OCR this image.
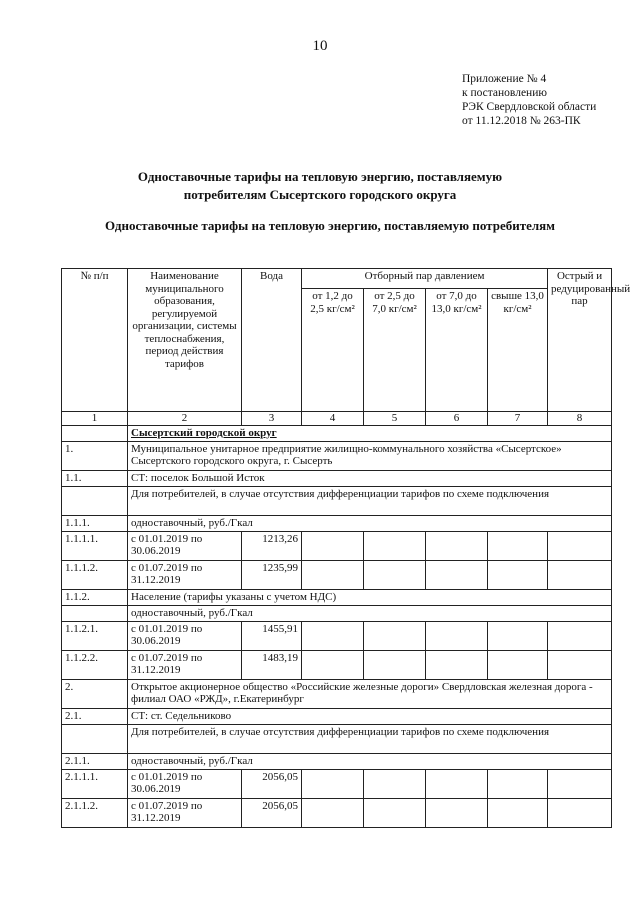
10
Приложение № 4
к постановлению
РЭК Свердловской области
от 11.12.2018 № 263-ПК
Одноставочные тарифы на тепловую энергию, поставляемую
потребителям Сысертского городского округа
Одноставочные тарифы на тепловую энергию, поставляемую потребителям
№ п/п	Наименование муниципального образования, регулируемой организации, системы теплоснабжения, период действия тарифов	Вода	Отборный пар давлением				Острый и редуцированный пар
			от 1,2 до 2,5 кг/см²	от 2,5 до 7,0 кг/см²	от 7,0 до 13,0 кг/см²	свыше 13,0 кг/см²	
1	2	3	4	5	6	7	8
	Сысертский городской округ						
1.	Муниципальное унитарное предприятие жилищно-коммунального хозяйства «Сысертское» Сысертского городского округа, г. Сысерть						
1.1.	СТ: поселок Большой Исток						
	Для потребителей, в случае отсутствия дифференциации тарифов по схеме подключения						
1.1.1.	одноставочный, руб./Гкал						
1.1.1.1.	с 01.01.2019 по 30.06.2019	1213,26					
1.1.1.2.	с 01.07.2019 по 31.12.2019	1235,99					
1.1.2.	Население (тарифы указаны с учетом НДС)						
	одноставочный, руб./Гкал						
1.1.2.1.	с 01.01.2019 по 30.06.2019	1455,91					
1.1.2.2.	с 01.07.2019 по 31.12.2019	1483,19					
2.	Открытое акционерное общество «Российские железные дороги» Свердловская железная дорога - филиал ОАО «РЖД», г.Екатеринбург						
2.1.	СТ: ст. Седельниково						
	Для потребителей, в случае отсутствия дифференциации тарифов по схеме подключения						
2.1.1.	одноставочный, руб./Гкал						
2.1.1.1.	с 01.01.2019 по 30.06.2019	2056,05					
2.1.1.2.	с 01.07.2019 по 31.12.2019	2056,05					
